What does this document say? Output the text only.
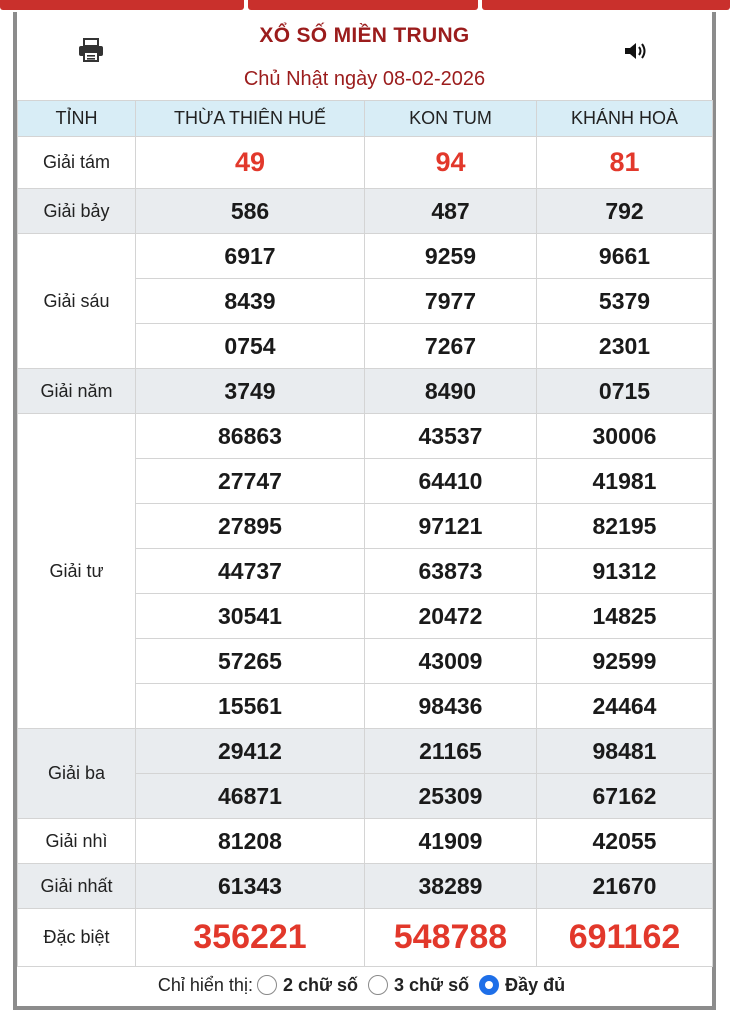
XỔ SỐ MIỀN TRUNG
Chủ Nhật ngày 08-02-2026
TỈNH	THỪA THIÊN HUẾ	KON TUM	KHÁNH HOÀ
Giải tám	49	94	81
Giải bảy	586	487	792
Giải sáu	6917	9259	9661
	8439	7977	5379
	0754	7267	2301
Giải năm	3749	8490	0715
Giải tư	86863	43537	30006
	27747	64410	41981
	27895	97121	82195
	44737	63873	91312
	30541	20472	14825
	57265	43009	92599
	15561	98436	24464
Giải ba	29412	21165	98481
	46871	25309	67162
Giải nhì	81208	41909	42055
Giải nhất	61343	38289	21670
Đặc biệt	356221	548788	691162
Chỉ hiển thị: 2 chữ số 3 chữ số Đầy đủ
